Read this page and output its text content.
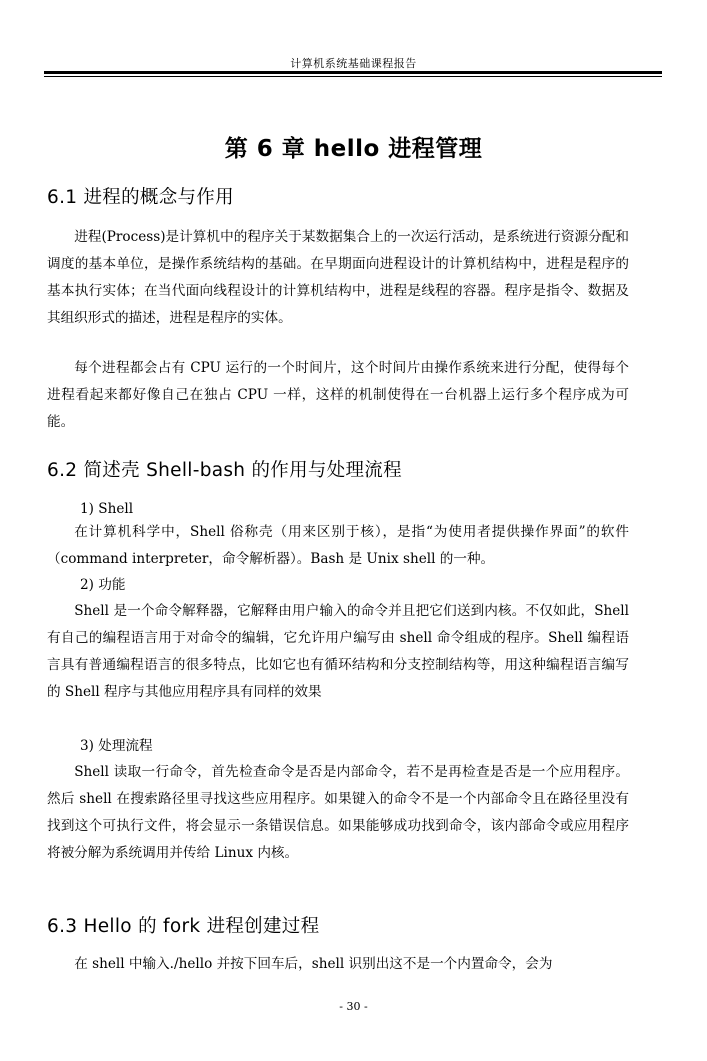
计算机系统基础课程报告
第 6 章 hello 进程管理
6.1 进程的概念与作用

进程(Process)是计算机中的程序关于某数据集合上的一次运行活动，是系统进行资源分配和调度的基本单位，是操作系统结构的基础。在早期面向进程设计的计算机结构中，进程是程序的基本执行实体；在当代面向线程设计的计算机结构中，进程是线程的容器。程序是指令、数据及其组织形式的描述，进程是程序的实体。

每个进程都会占有 CPU 运行的一个时间片，这个时间片由操作系统来进行分配，使得每个进程看起来都好像自己在独占 CPU 一样，这样的机制使得在一台机器上运行多个程序成为可能。

6.2 简述壳 Shell-bash 的作用与处理流程
1) Shell

在计算机科学中，Shell 俗称壳（用来区别于核），是指“为使用者提供操作界面”的软件（command interpreter，命令解析器）。Bash 是 Unix shell 的一种。

2) 功能

Shell 是一个命令解释器，它解释由用户输入的命令并且把它们送到内核。不仅如此，Shell 有自己的编程语言用于对命令的编辑，它允许用户编写由 shell 命令组成的程序。Shell 编程语言具有普通编程语言的很多特点，比如它也有循环结构和分支控制结构等，用这种编程语言编写的 Shell 程序与其他应用程序具有同样的效果

3) 处理流程

Shell 读取一行命令，首先检查命令是否是内部命令，若不是再检查是否是一个应用程序。然后 shell 在搜索路径里寻找这些应用程序。如果键入的命令不是一个内部命令且在路径里没有找到这个可执行文件，将会显示一条错误信息。如果能够成功找到命令，该内部命令或应用程序将被分解为系统调用并传给 Linux 内核。

6.3 Hello 的 fork 进程创建过程

在 shell 中输入./hello 并按下回车后，shell 识别出这不是一个内置命令，会为

- 30 -
